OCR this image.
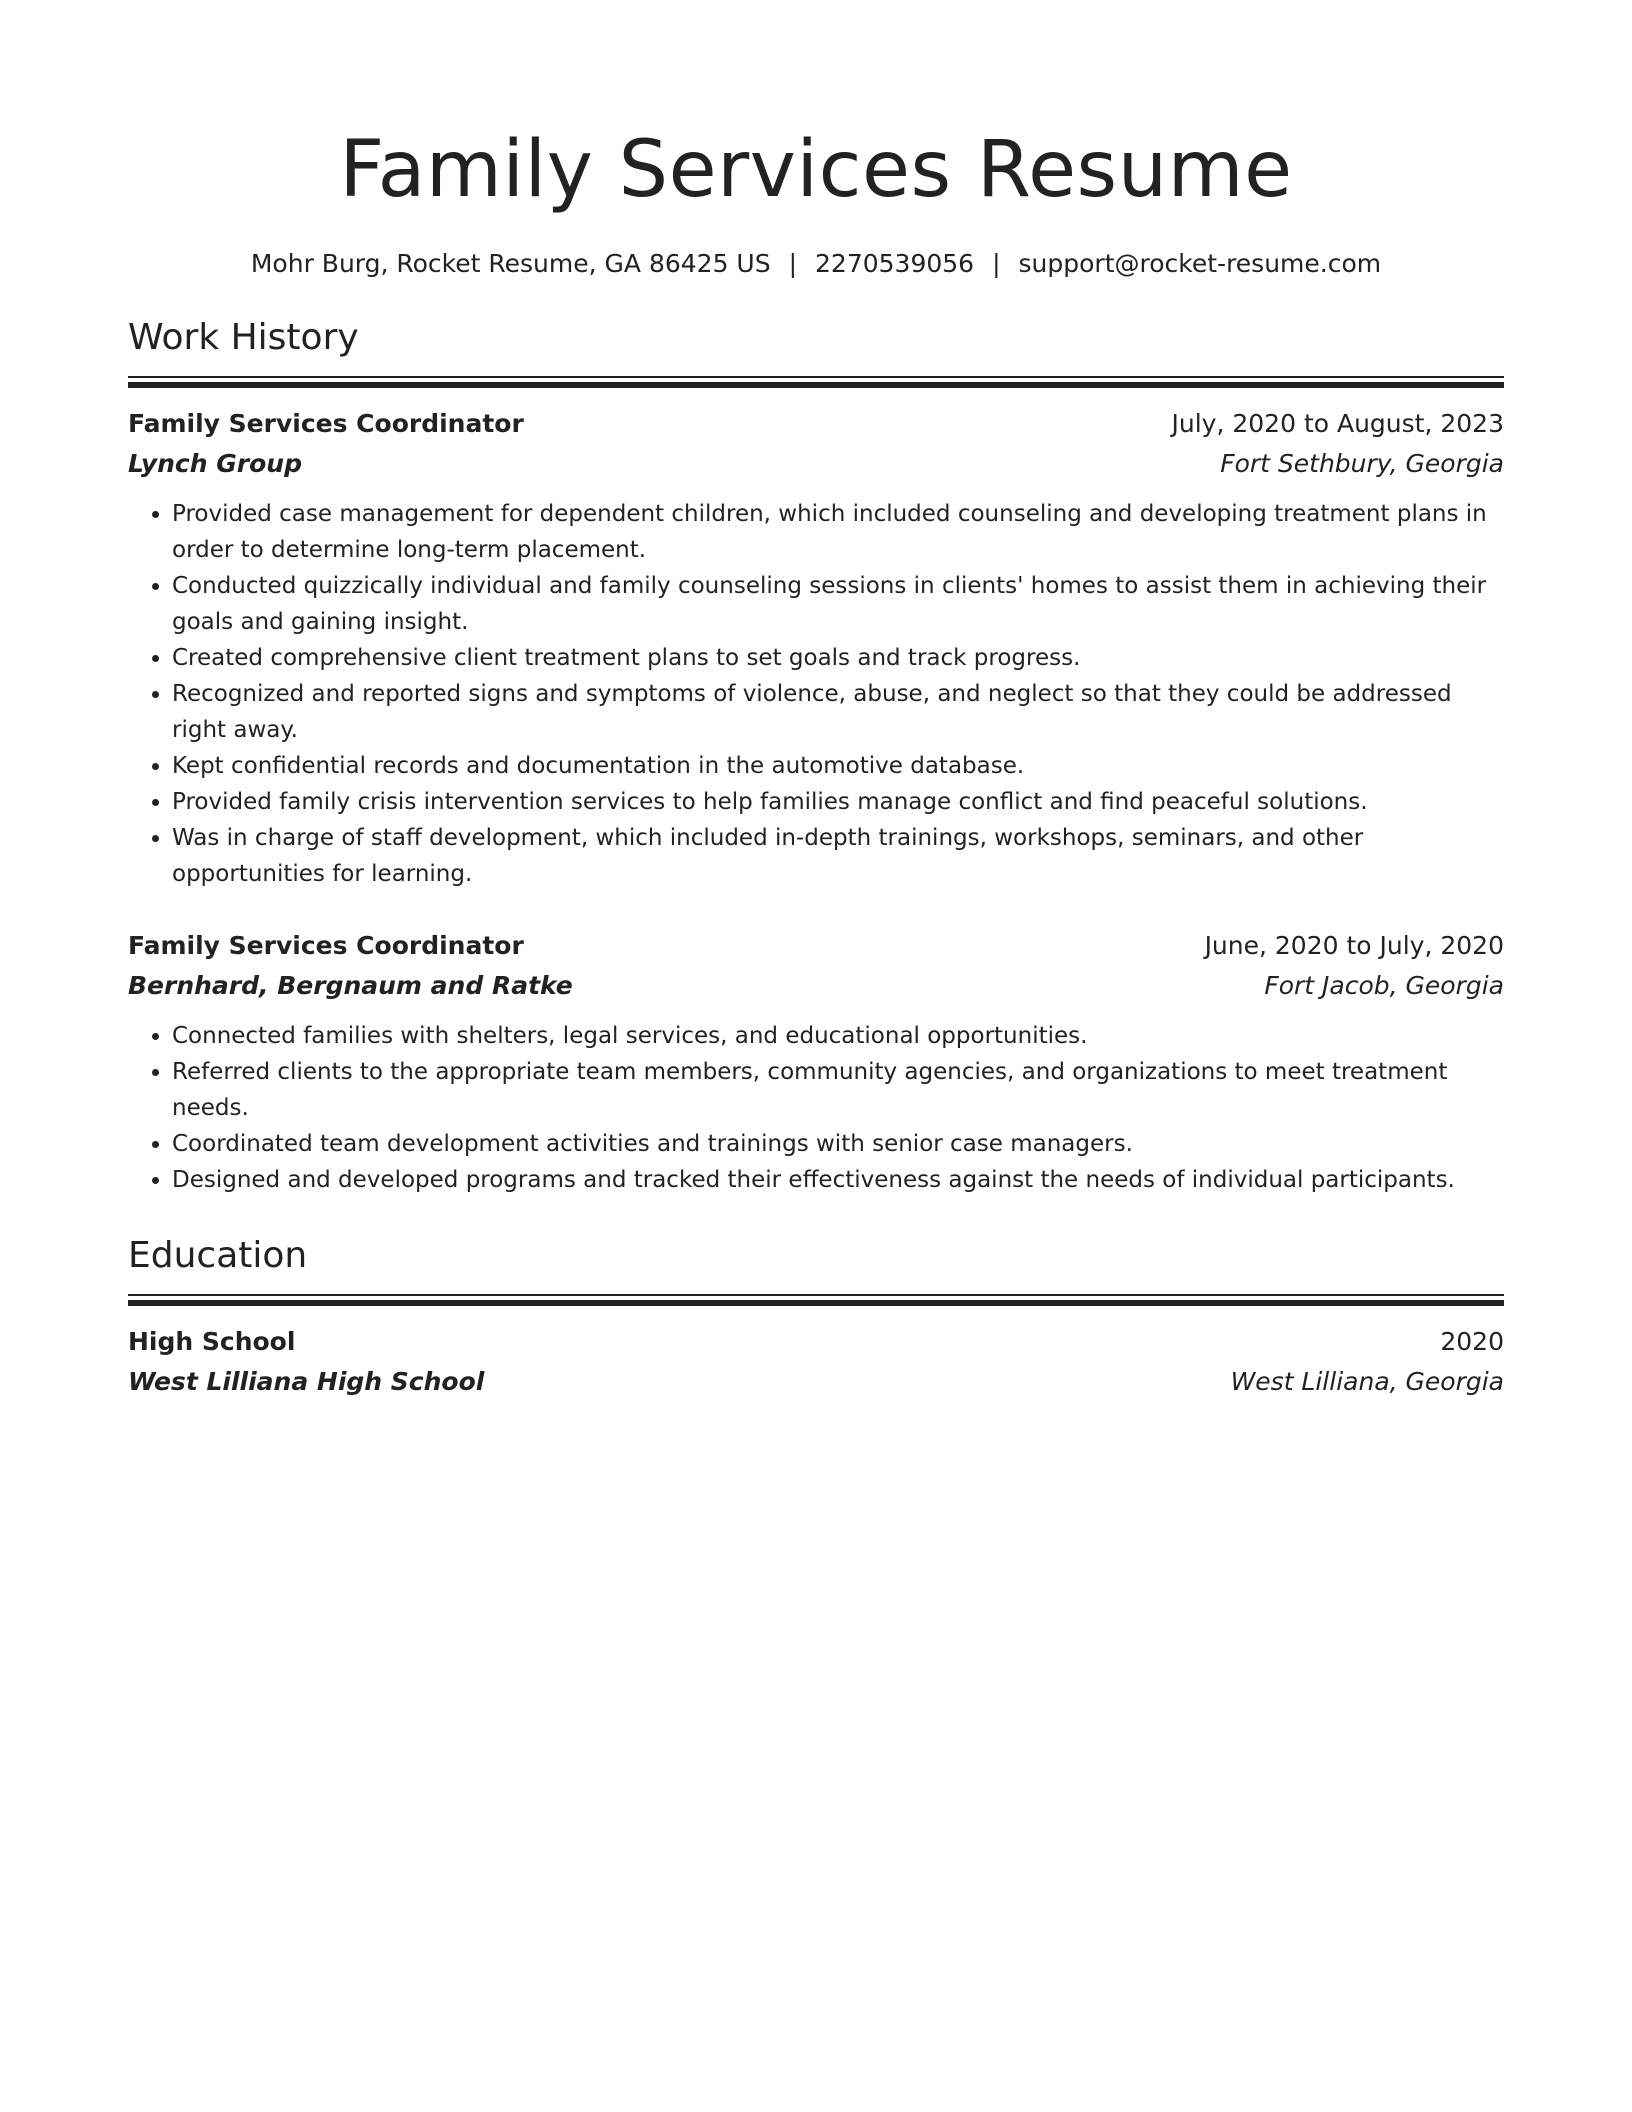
Family Services Resume
Mohr Burg, Rocket Resume, GA 86425 US | 2270539056 | support@rocket-resume.com
Work History
Family Services Coordinator	July, 2020 to August, 2023
Lynch Group	Fort Sethbury, Georgia
• Provided case management for dependent children, which included counseling and developing treatment plans in order to determine long-term placement.
• Conducted quizzically individual and family counseling sessions in clients' homes to assist them in achieving their goals and gaining insight.
• Created comprehensive client treatment plans to set goals and track progress.
• Recognized and reported signs and symptoms of violence, abuse, and neglect so that they could be addressed right away.
• Kept confidential records and documentation in the automotive database.
• Provided family crisis intervention services to help families manage conflict and find peaceful solutions.
• Was in charge of staff development, which included in-depth trainings, workshops, seminars, and other opportunities for learning.
Family Services Coordinator	June, 2020 to July, 2020
Bernhard, Bergnaum and Ratke	Fort Jacob, Georgia
• Connected families with shelters, legal services, and educational opportunities.
• Referred clients to the appropriate team members, community agencies, and organizations to meet treatment needs.
• Coordinated team development activities and trainings with senior case managers.
• Designed and developed programs and tracked their effectiveness against the needs of individual participants.
Education
High School	2020
West Lilliana High School	West Lilliana, Georgia
